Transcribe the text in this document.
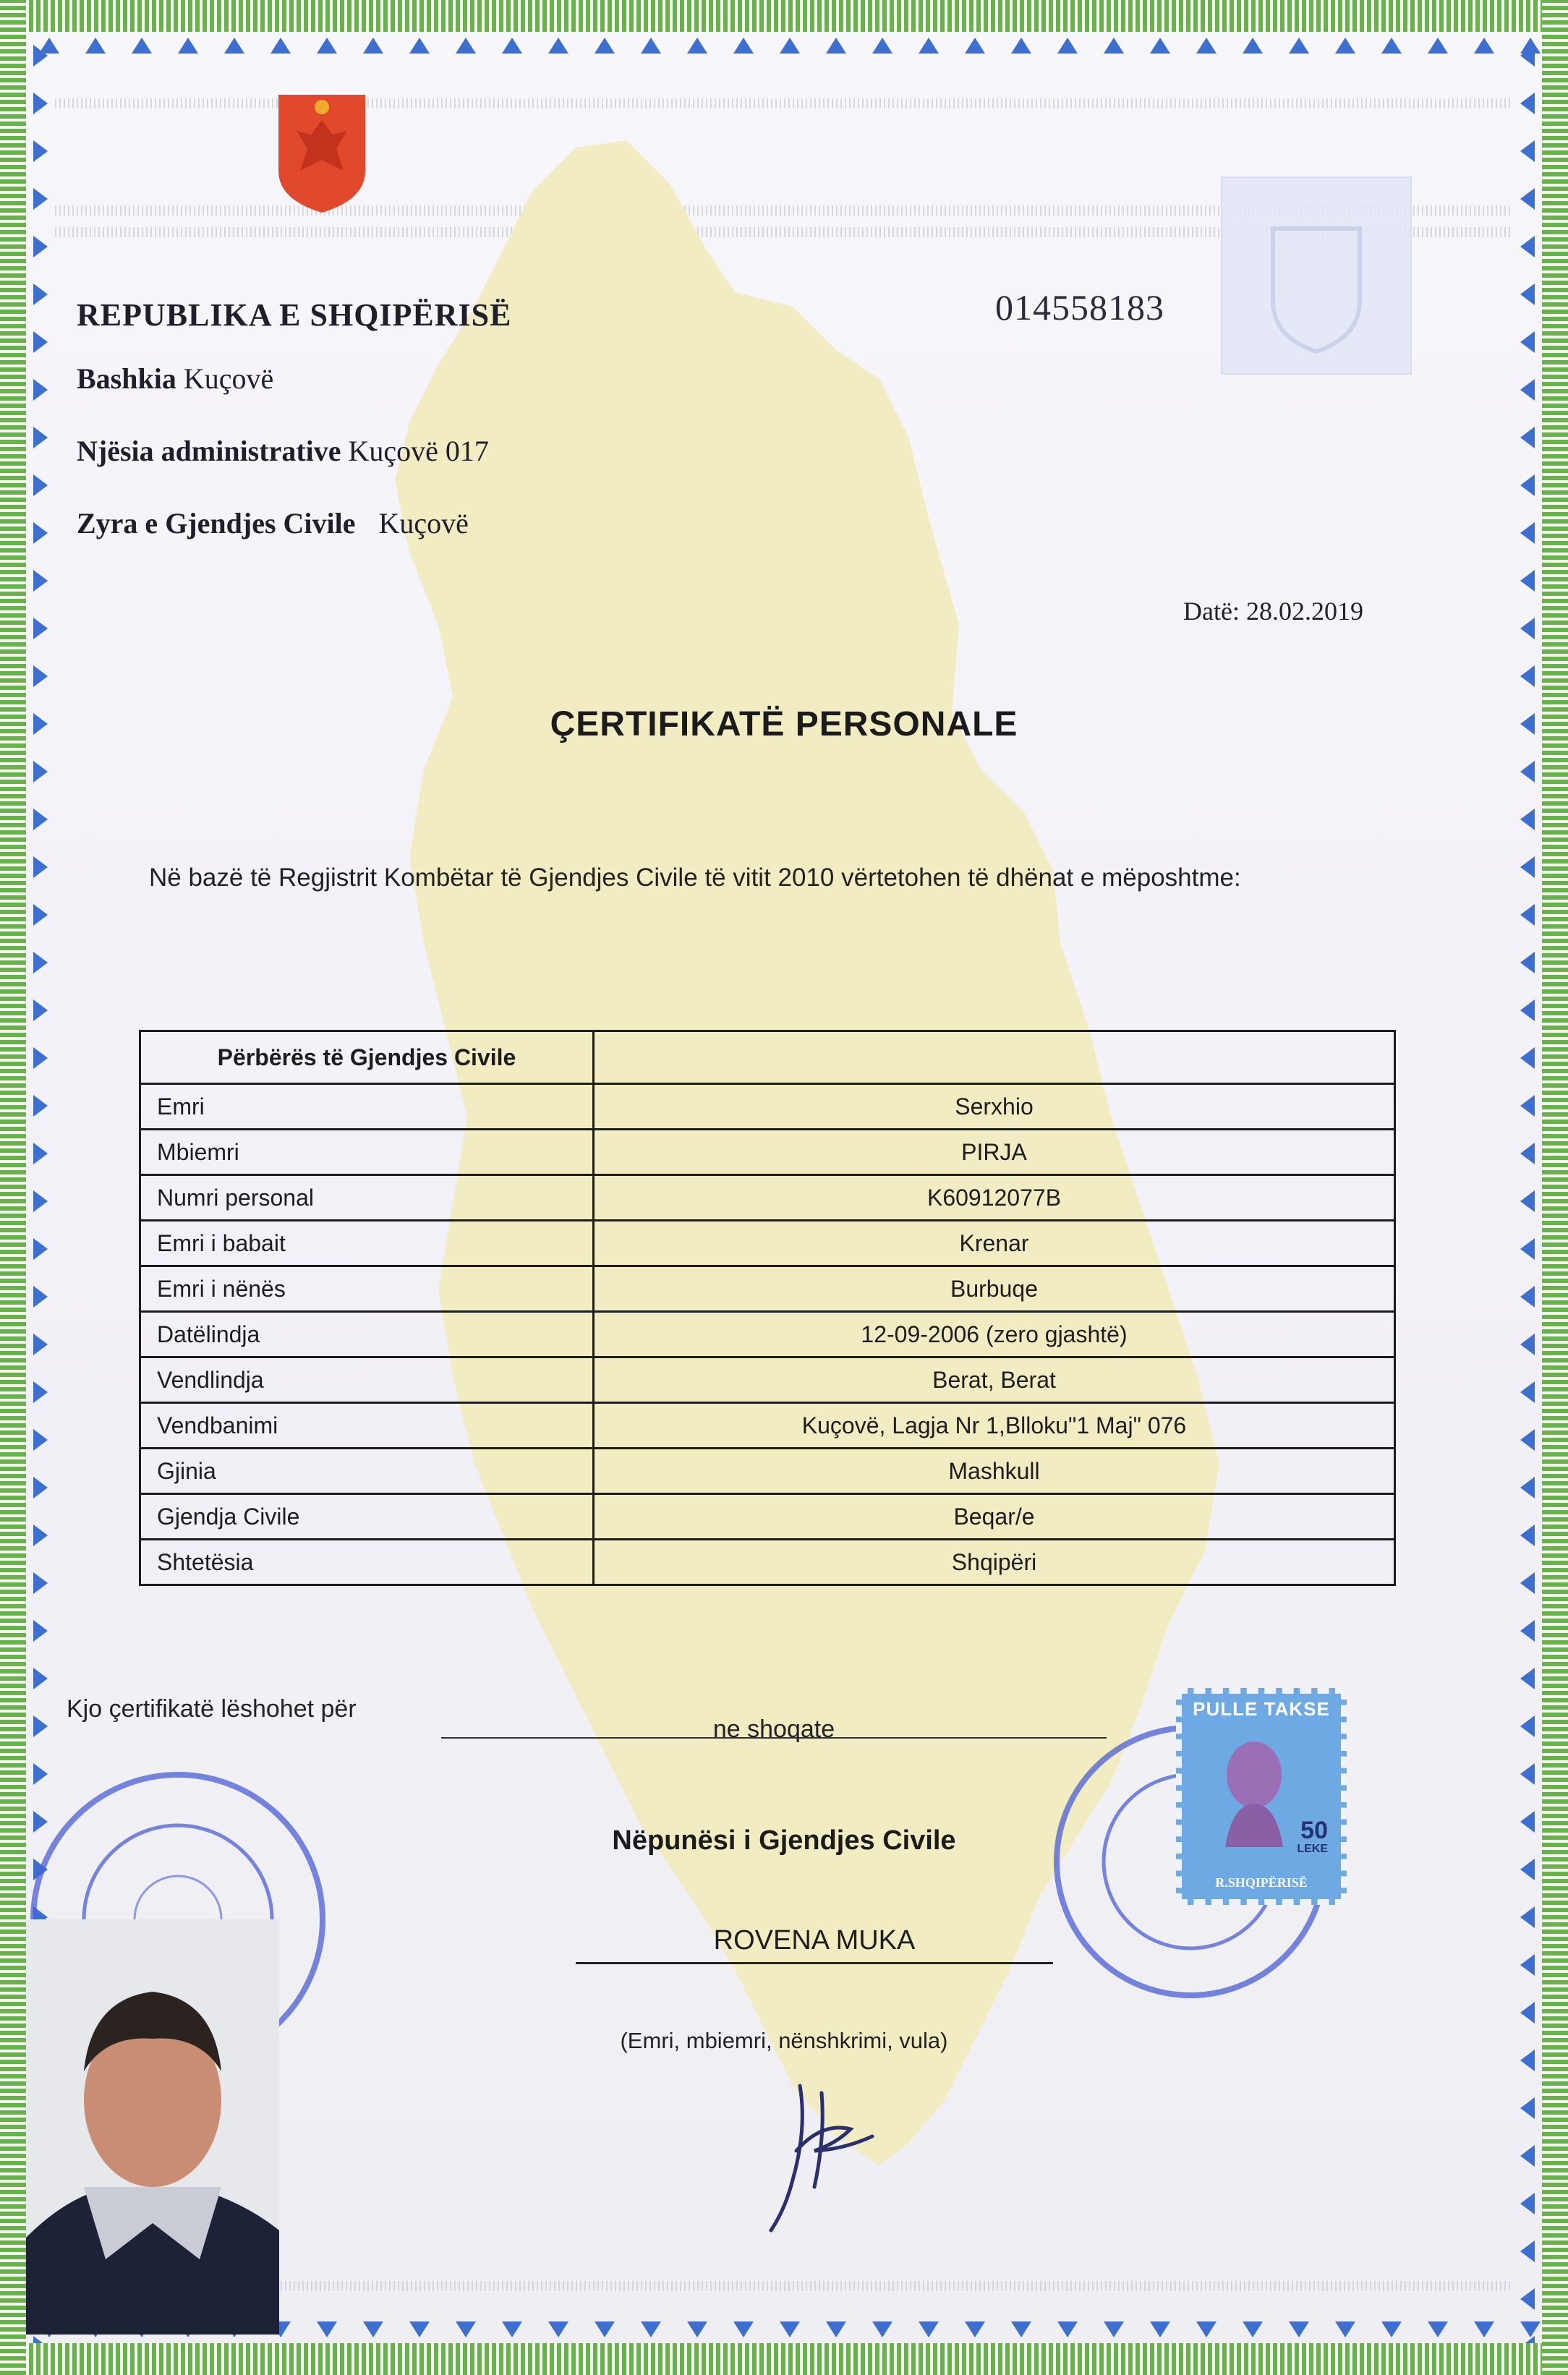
REPUBLIKA E SHQIPËRISË
Bashkia Kuçovë
Njësia administrative Kuçovë 017
Zyra e Gjendjes Civile Kuçovë
014558183
Datë: 28.02.2019
ÇERTIFIKATË PERSONALE
Në bazë të Regjistrit Kombëtar të Gjendjes Civile të vitit 2010 vërtetohen të dhënat e mëposhtme:
Përbërës të Gjendjes Civile	
Emri	Serxhio
Mbiemri	PIRJA
Numri personal	K60912077B
Emri i babait	Krenar
Emri i nënës	Burbuqe
Datëlindja	12-09-2006 (zero gjashtë)
Vendlindja	Berat, Berat
Vendbanimi	Kuçovë, Lagja Nr 1,Blloku"1 Maj" 076
Gjinia	Mashkull
Gjendja Civile	Beqar/e
Shtetësia	Shqipëri
Kjo çertifikatë lëshohet për
ne shoqate
Nëpunësi i Gjendjes Civile
ROVENA MUKA
(Emri, mbiemri, nënshkrimi, vula)
PULLE TAKSE
50
LEKE
R.SHQIPËRISË
